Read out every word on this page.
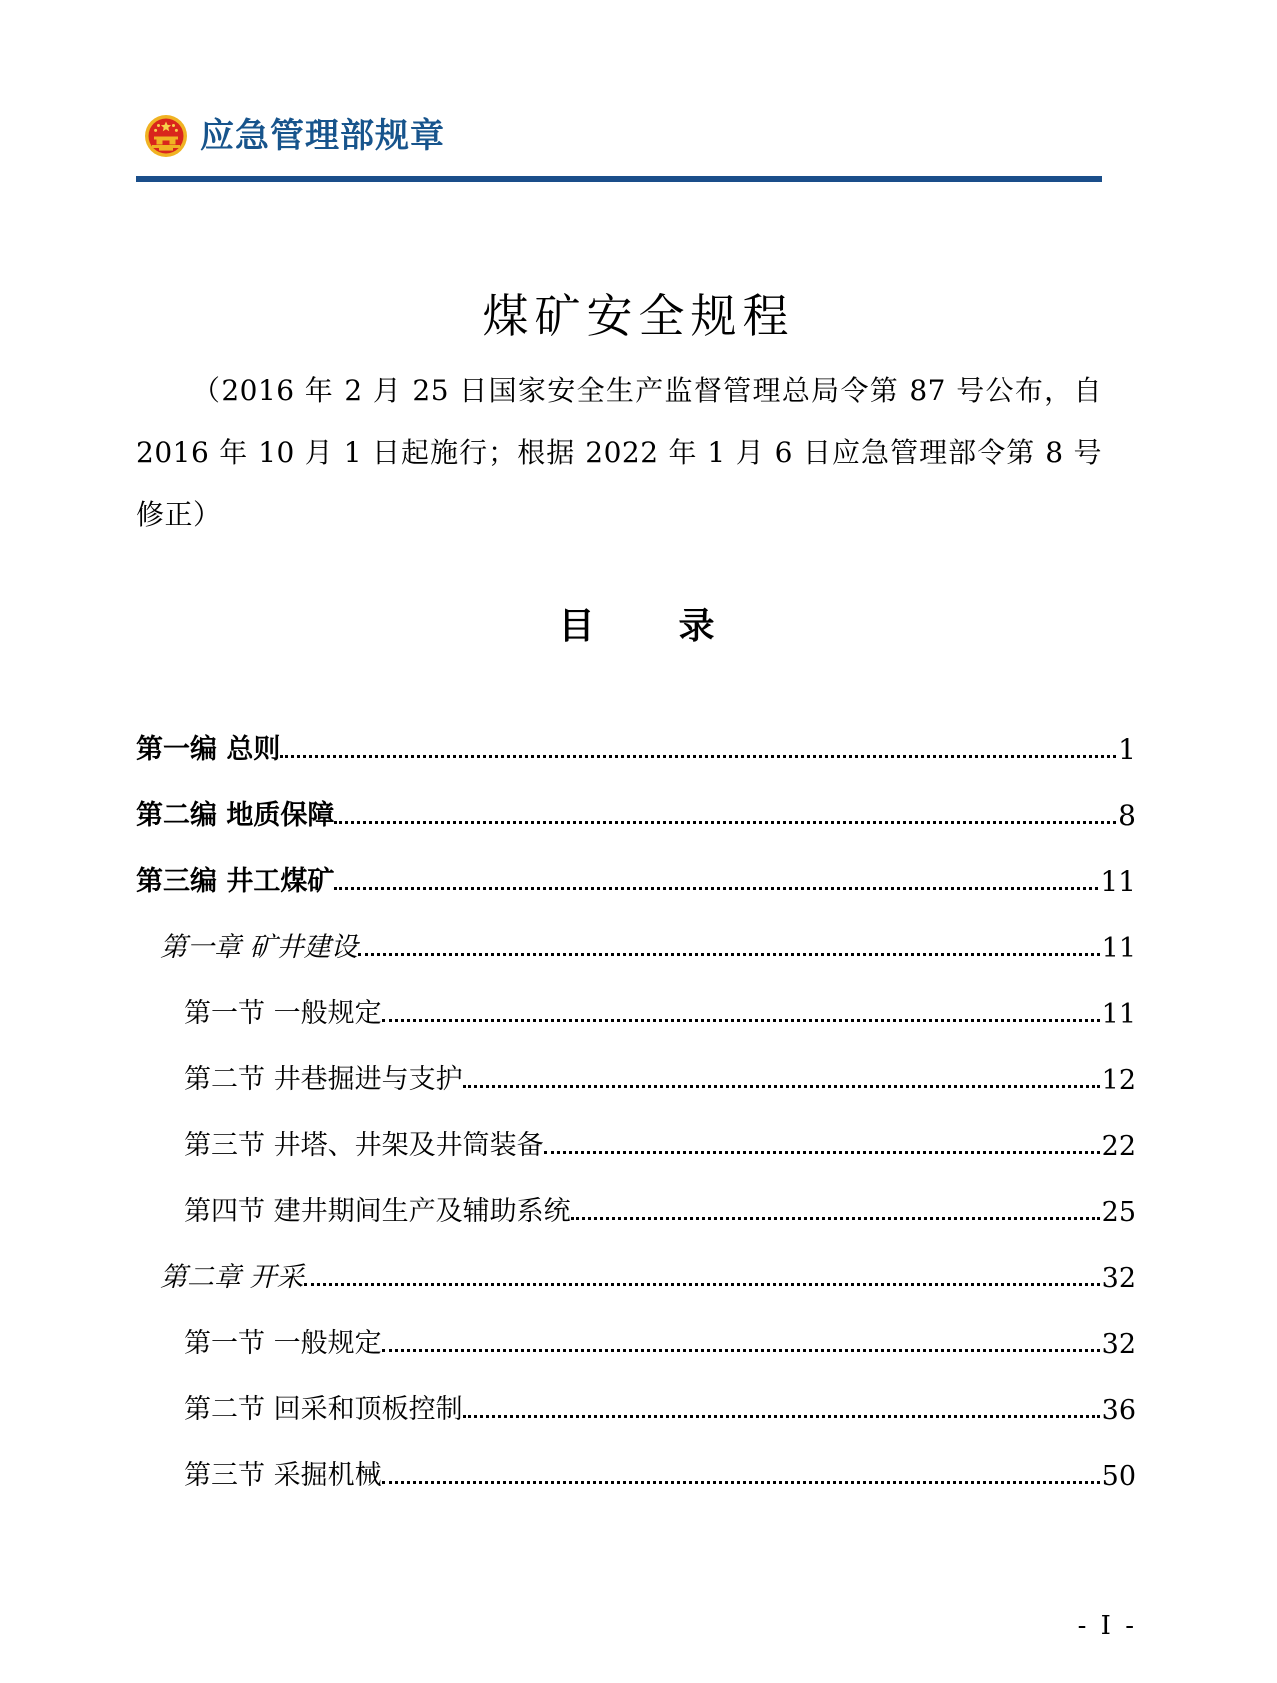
应急管理部规章
煤矿安全规程
（2016 年 2 月 25 日国家安全生产监督管理总局令第 87 号公布，自 2016 年 10 月 1 日起施行；根据 2022 年 1 月 6 日应急管理部令第 8 号修正）
目　　录
第一编 总则	1
第二编 地质保障	8
第三编 井工煤矿	11
第一章 矿井建设	11
第一节 一般规定	11
第二节 井巷掘进与支护	12
第三节 井塔、井架及井筒装备	22
第四节 建井期间生产及辅助系统	25
第二章 开采	32
第一节 一般规定	32
第二节 回采和顶板控制	36
第三节 采掘机械	50
- I -
